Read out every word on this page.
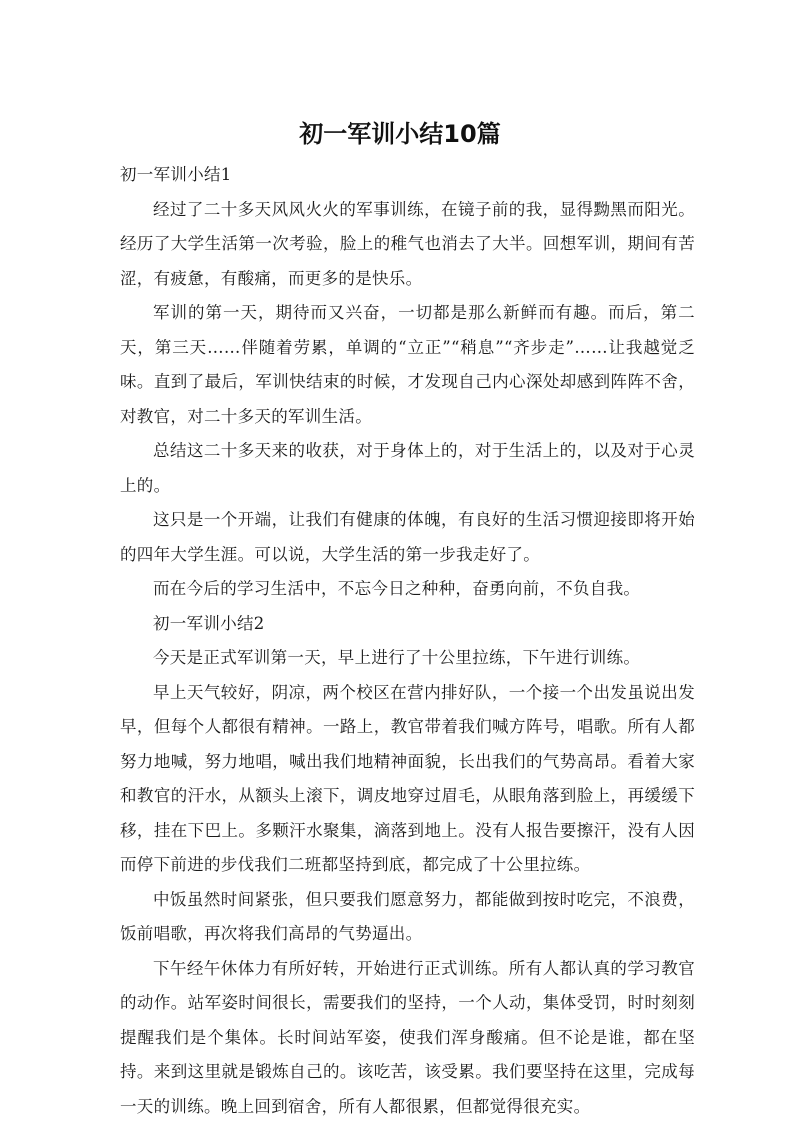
初一军训小结10篇

初一军训小结1

经过了二十多天风风火火的军事训练，在镜子前的我，显得黝黑而阳光。经历了大学生活第一次考验，脸上的稚气也消去了大半。回想军训，期间有苦涩，有疲惫，有酸痛，而更多的是快乐。

军训的第一天，期待而又兴奋，一切都是那么新鲜而有趣。而后，第二天，第三天……伴随着劳累，单调的“立正”“稍息”“齐步走”……让我越觉乏味。直到了最后，军训快结束的时候，才发现自己内心深处却感到阵阵不舍，对教官，对二十多天的军训生活。

总结这二十多天来的收获，对于身体上的，对于生活上的，以及对于心灵上的。

这只是一个开端，让我们有健康的体魄，有良好的生活习惯迎接即将开始的四年大学生涯。可以说，大学生活的第一步我走好了。

而在今后的学习生活中，不忘今日之种种，奋勇向前，不负自我。

初一军训小结2

今天是正式军训第一天，早上进行了十公里拉练，下午进行训练。

早上天气较好，阴凉，两个校区在营内排好队，一个接一个出发虽说出发早，但每个人都很有精神。一路上，教官带着我们喊方阵号，唱歌。所有人都努力地喊，努力地唱，喊出我们地精神面貌，长出我们的气势高昂。看着大家和教官的汗水，从额头上滚下，调皮地穿过眉毛，从眼角落到脸上，再缓缓下移，挂在下巴上。多颗汗水聚集，滴落到地上。没有人报告要擦汗，没有人因而停下前进的步伐我们二班都坚持到底，都完成了十公里拉练。

中饭虽然时间紧张，但只要我们愿意努力，都能做到按时吃完，不浪费，饭前唱歌，再次将我们高昂的气势逼出。

下午经午休体力有所好转，开始进行正式训练。所有人都认真的学习教官的动作。站军姿时间很长，需要我们的坚持，一个人动，集体受罚，时时刻刻提醒我们是个集体。长时间站军姿，使我们浑身酸痛。但不论是谁，都在坚持。来到这里就是锻炼自己的。该吃苦，该受累。我们要坚持在这里，完成每一天的训练。晚上回到宿舍，所有人都很累，但都觉得很充实。
